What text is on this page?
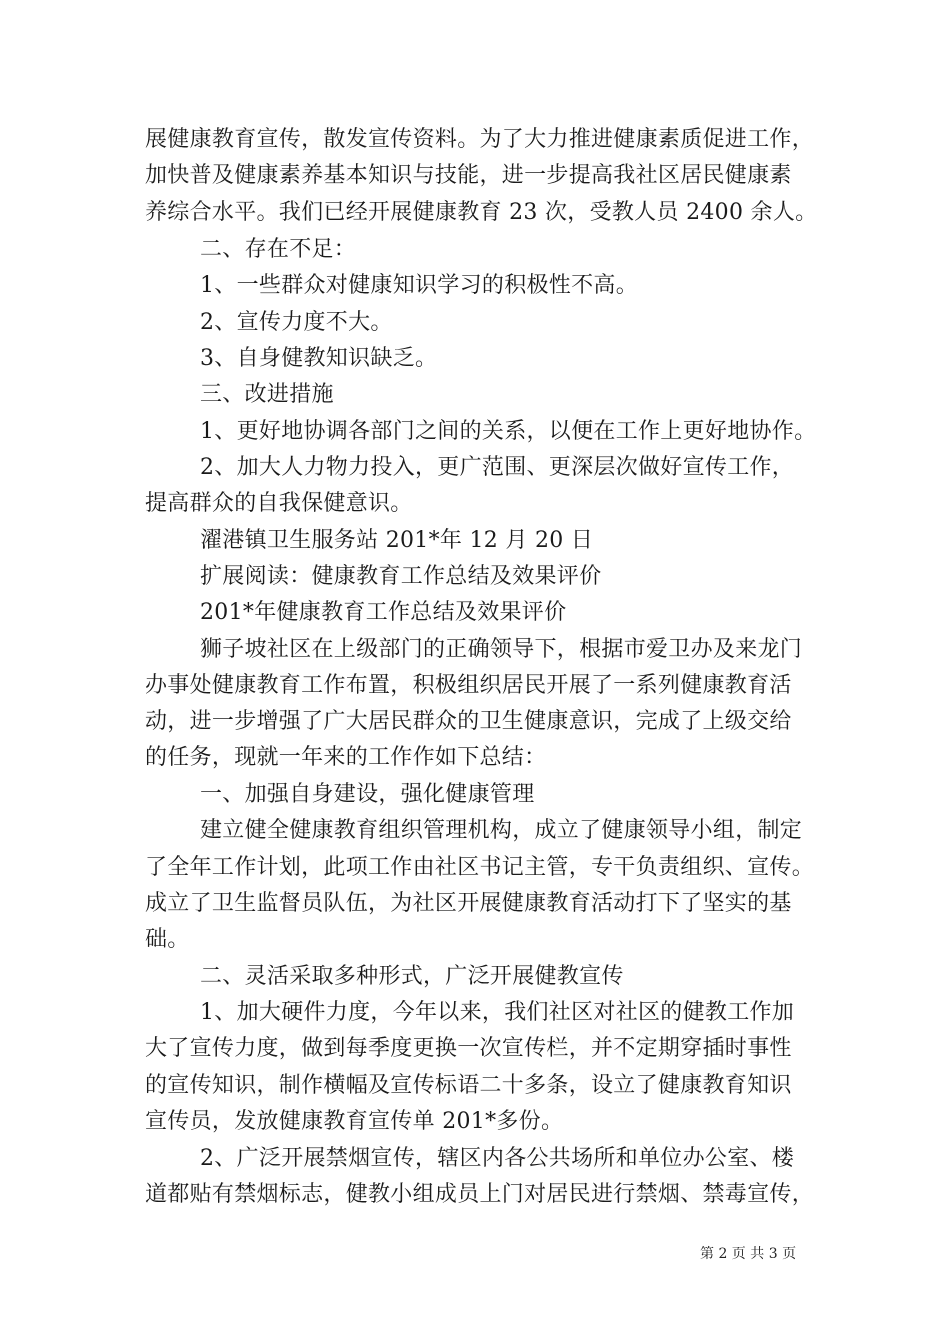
展健康教育宣传，散发宣传资料。为了大力推进健康素质促进工作，
加快普及健康素养基本知识与技能，进一步提高我社区居民健康素
养综合水平。我们已经开展健康教育 23 次，受教人员 2400 余人。
二、存在不足：
1、一些群众对健康知识学习的积极性不高。
2、宣传力度不大。
3、自身健教知识缺乏。
三、改进措施
1、更好地协调各部门之间的关系，以便在工作上更好地协作。
2、加大人力物力投入，更广范围、更深层次做好宣传工作，
提高群众的自我保健意识。
濯港镇卫生服务站 201*年 12 月 20 日
扩展阅读：健康教育工作总结及效果评价
201*年健康教育工作总结及效果评价
狮子坡社区在上级部门的正确领导下，根据市爱卫办及来龙门
办事处健康教育工作布置，积极组织居民开展了一系列健康教育活
动，进一步增强了广大居民群众的卫生健康意识，完成了上级交给
的任务，现就一年来的工作作如下总结：
一、加强自身建设，强化健康管理
建立健全健康教育组织管理机构，成立了健康领导小组，制定
了全年工作计划，此项工作由社区书记主管，专干负责组织、宣传。
成立了卫生监督员队伍，为社区开展健康教育活动打下了坚实的基
础。
二、灵活采取多种形式，广泛开展健教宣传
1、加大硬件力度，今年以来，我们社区对社区的健教工作加
大了宣传力度，做到每季度更换一次宣传栏，并不定期穿插时事性
的宣传知识，制作横幅及宣传标语二十多条，设立了健康教育知识
宣传员，发放健康教育宣传单 201*多份。
2、广泛开展禁烟宣传，辖区内各公共场所和单位办公室、楼
道都贴有禁烟标志，健教小组成员上门对居民进行禁烟、禁毒宣传，
第 2 页 共 3 页
